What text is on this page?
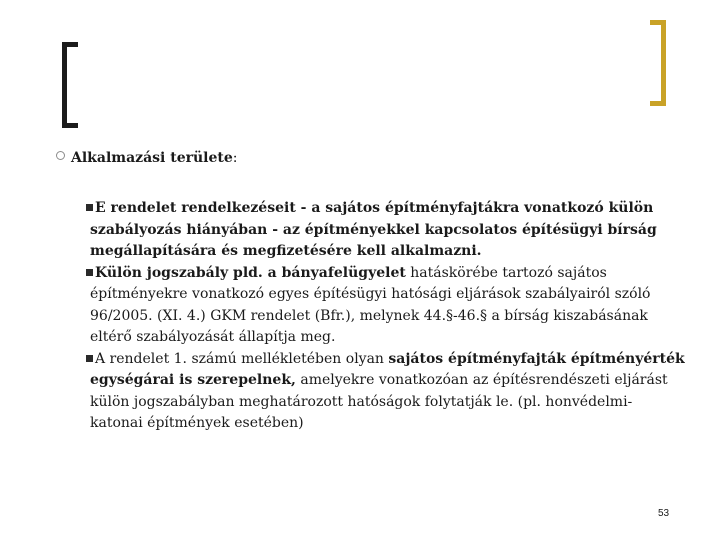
Alkalmazási területe:
E rendelet rendelkezéseit - a sajátos építményfajtákra vonatkozó külön
szabályozás hiányában - az építményekkel kapcsolatos építésügyi bírság
megállapítására és megfizetésére kell alkalmazni.
Külön jogszabály pld. a bányafelügyelet hatáskörébe tartozó sajátos
építményekre vonatkozó egyes építésügyi hatósági eljárások szabályairól szóló
96/2005. (XI. 4.) GKM rendelet (Bfr.), melynek 44.§-46.§ a bírság kiszabásának
eltérő szabályozását állapítja meg.
A rendelet 1. számú mellékletében olyan sajátos építményfajták építményérték
egységárai is szerepelnek, amelyekre vonatkozóan az építésrendészeti eljárást
külön jogszabályban meghatározott hatóságok folytatják le. (pl. honvédelmi-
katonai építmények esetében)
53
